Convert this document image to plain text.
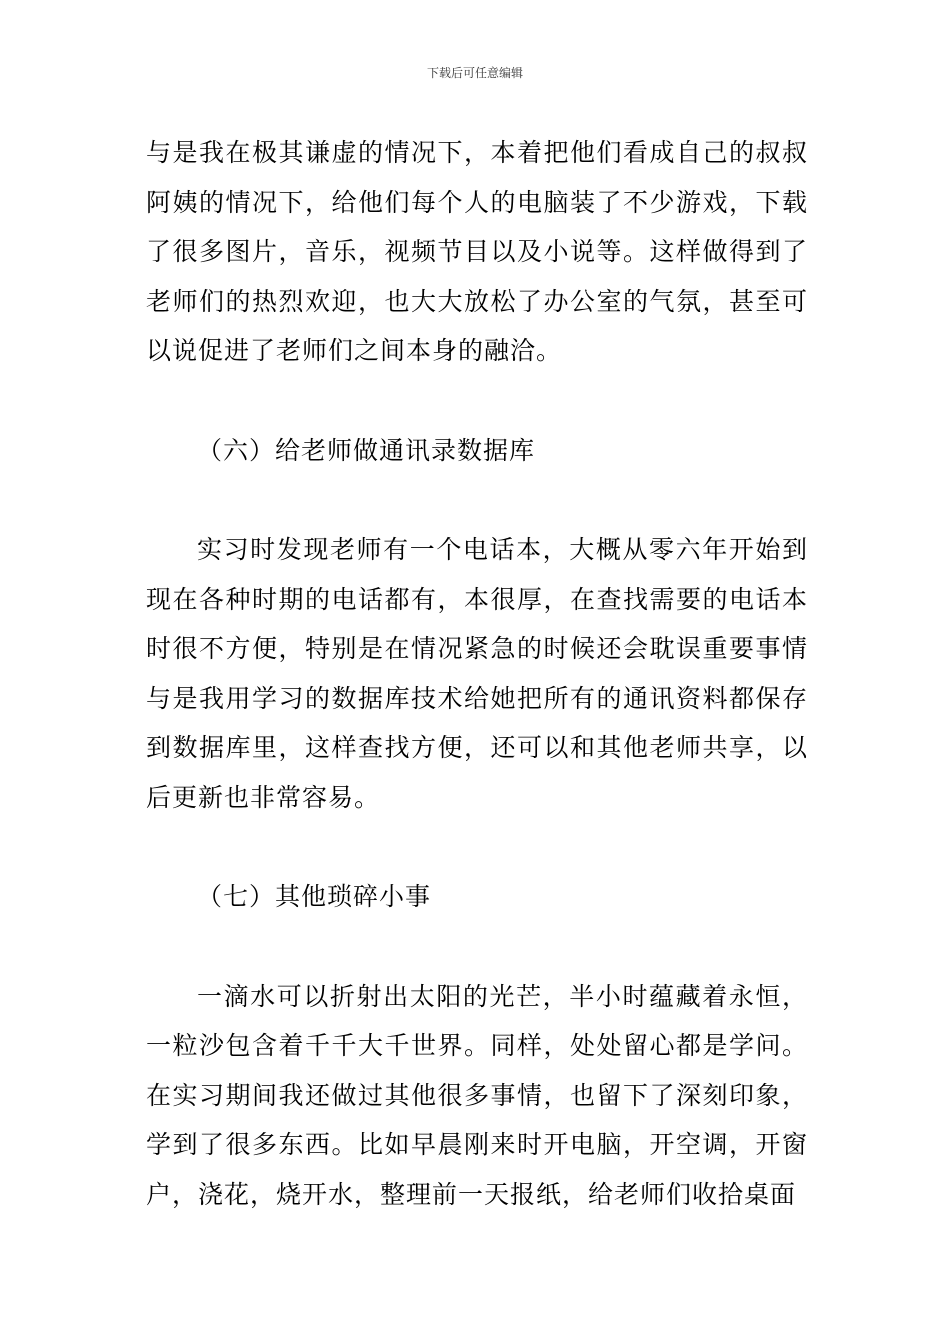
下载后可任意编辑

与是我在极其谦虚的情况下，本着把他们看成自己的叔叔阿姨的情况下，给他们每个人的电脑装了不少游戏，下载了很多图片，音乐，视频节目以及小说等。这样做得到了老师们的热烈欢迎，也大大放松了办公室的气氛，甚至可以说促进了老师们之间本身的融洽。

（六）给老师做通讯录数据库

实习时发现老师有一个电话本，大概从零六年开始到现在各种时期的电话都有，本很厚，在查找需要的电话本时很不方便，特别是在情况紧急的时候还会耽误重要事情与是我用学习的数据库技术给她把所有的通讯资料都保存到数据库里，这样查找方便，还可以和其他老师共享，以后更新也非常容易。

（七）其他琐碎小事

一滴水可以折射出太阳的光芒，半小时蕴藏着永恒，一粒沙包含着千千大千世界。同样，处处留心都是学问。在实习期间我还做过其他很多事情，也留下了深刻印象，学到了很多东西。比如早晨刚来时开电脑，开空调，开窗户，浇花，烧开水，整理前一天报纸，给老师们收拾桌面
